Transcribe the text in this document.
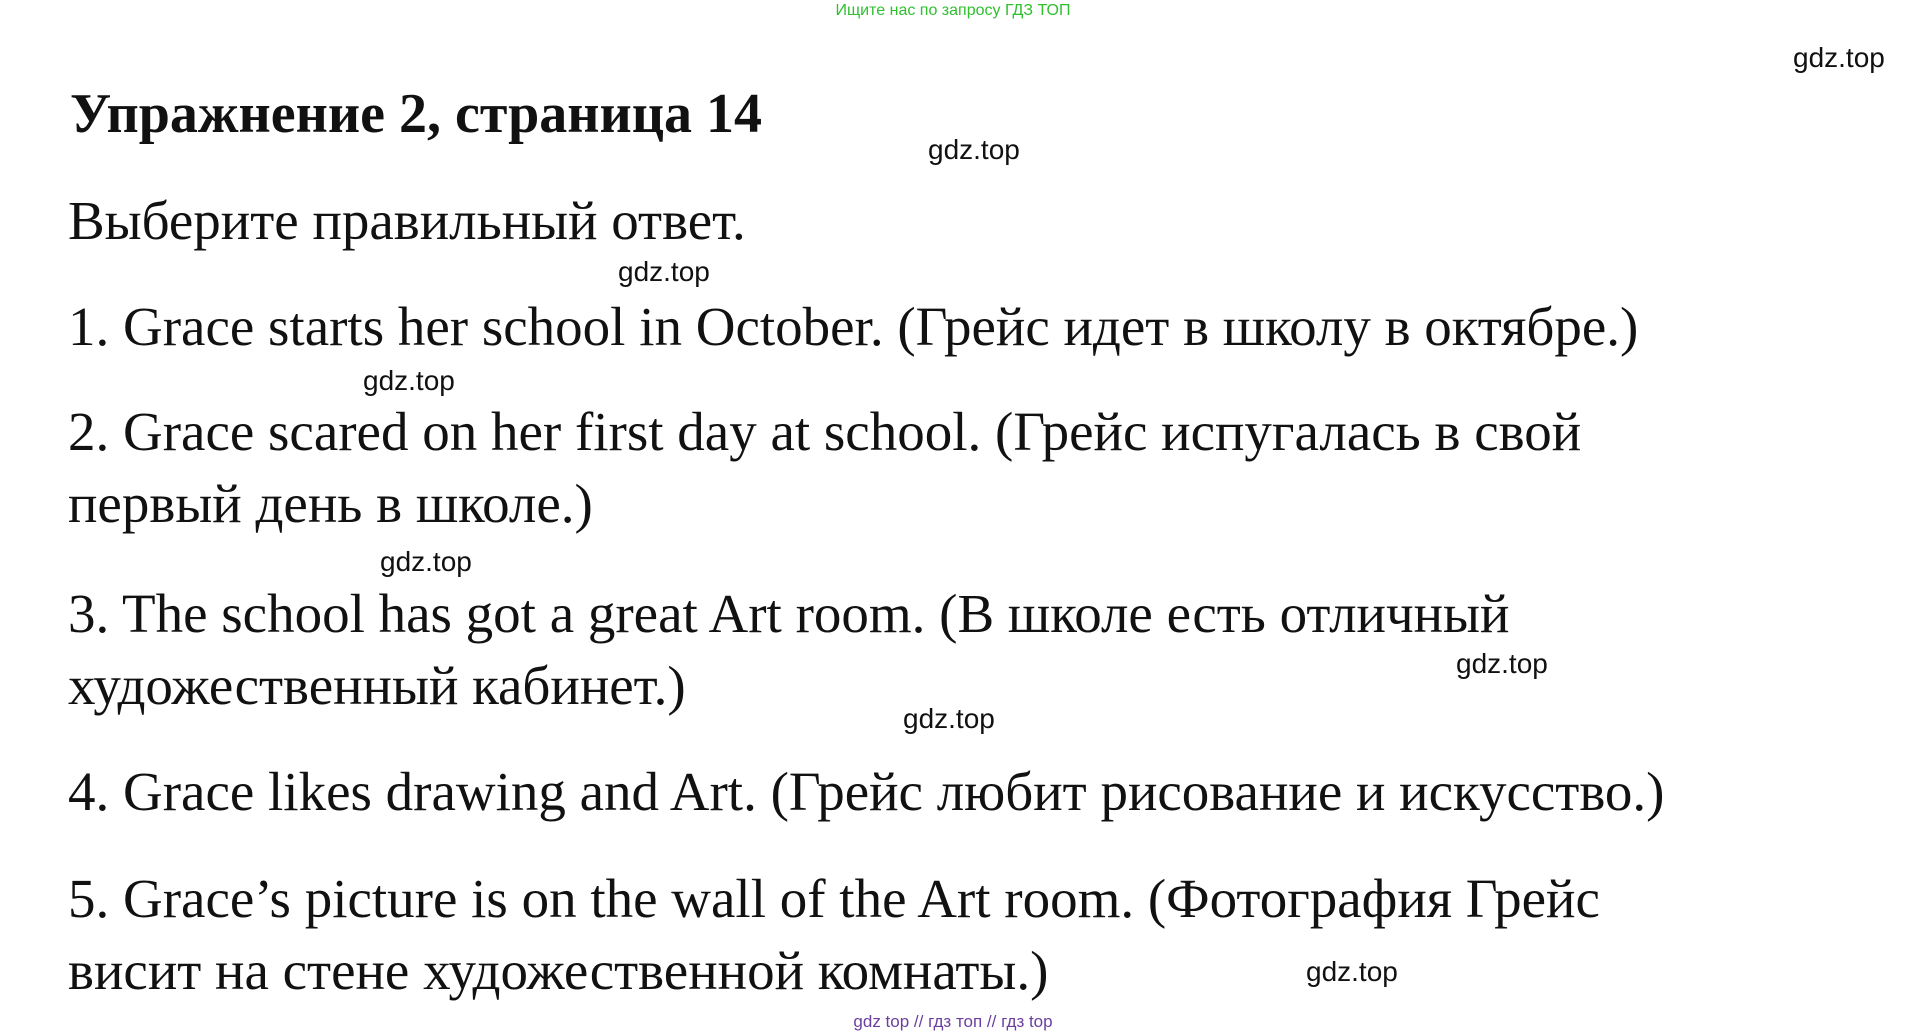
Ищите нас по запросу ГДЗ ТОП
gdz.top
Упражнение 2, страница 14
gdz.top
Выберите правильный ответ.
gdz.top
1. Grace starts her school in October. (Грейс идет в школу в октябре.)
gdz.top
2. Grace scared on her first day at school. (Грейс испугалась в свой
первый день в школе.)
gdz.top
3. The school has got a great Art room. (В школе есть отличный
художественный кабинет.)	gdz.top
gdz.top
4. Grace likes drawing and Art. (Грейс любит рисование и искусство.)
5. Grace’s picture is on the wall of the Art room. (Фотография Грейс
висит на стене художественной комнаты.)	gdz.top
gdz top // гдз топ // гдз top
